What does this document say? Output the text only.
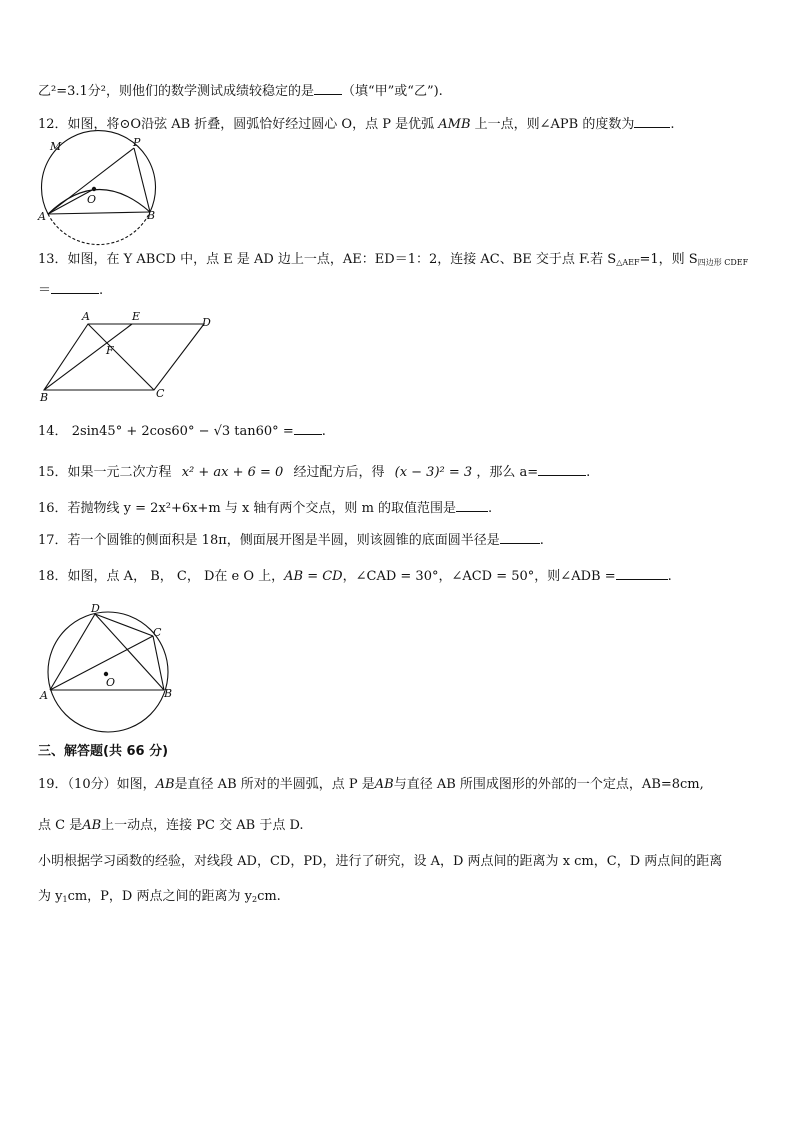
乙²=3.1分²，则他们的数学测试成绩较稳定的是 （填“甲”或“乙”).
12．如图，将⊙O沿弦 AB 折叠，圆弧恰好经过圆心 O，点 P 是优弧 AMB 上一点，则∠APB 的度数为	.
M	P
O
A	B
13．如图，在 Y ABCD 中，点 E 是 AD 边上一点，AE：ED＝1：2，连接 AC、BE 交于点 F.若 $S_{\triangle AEF}=1$，则 $S_{四边形 CDEF}$
＝	.
A	E	D
F
B	C
14． 2sin45° + 2cos60° − √3 tan60° = .
15．如果一元二次方程 x² + ax + 6 = 0 经过配方后，得 (x − 3)² = 3 ，那么 a=	.
16．若抛物线 y = 2x²+6x+m 与 x 轴有两个交点，则 m 的取值范围是 .
17．若一个圆锥的侧面积是 18π，侧面展开图是半圆，则该圆锥的底面圆半径是	.
18．如图，点 A， B， C， D在 e O 上，AB = CD，∠CAD = 30°，∠ACD = 50°，则∠ADB =	.
D
C
O
A	B
三、解答题(共 66 分)
19．（10分）如图，AB是直径 AB 所对的半圆弧，点 P 是AB与直径 AB 所围成图形的外部的一个定点，AB=8cm,
点 C 是AB上一动点，连接 PC 交 AB 于点 D.
小明根据学习函数的经验，对线段 AD，CD，PD，进行了研究，设 A，D 两点间的距离为 x cm，C，D 两点间的距离
为 $y_1cm$，P，D 两点之间的距离为 $y_2cm$.
